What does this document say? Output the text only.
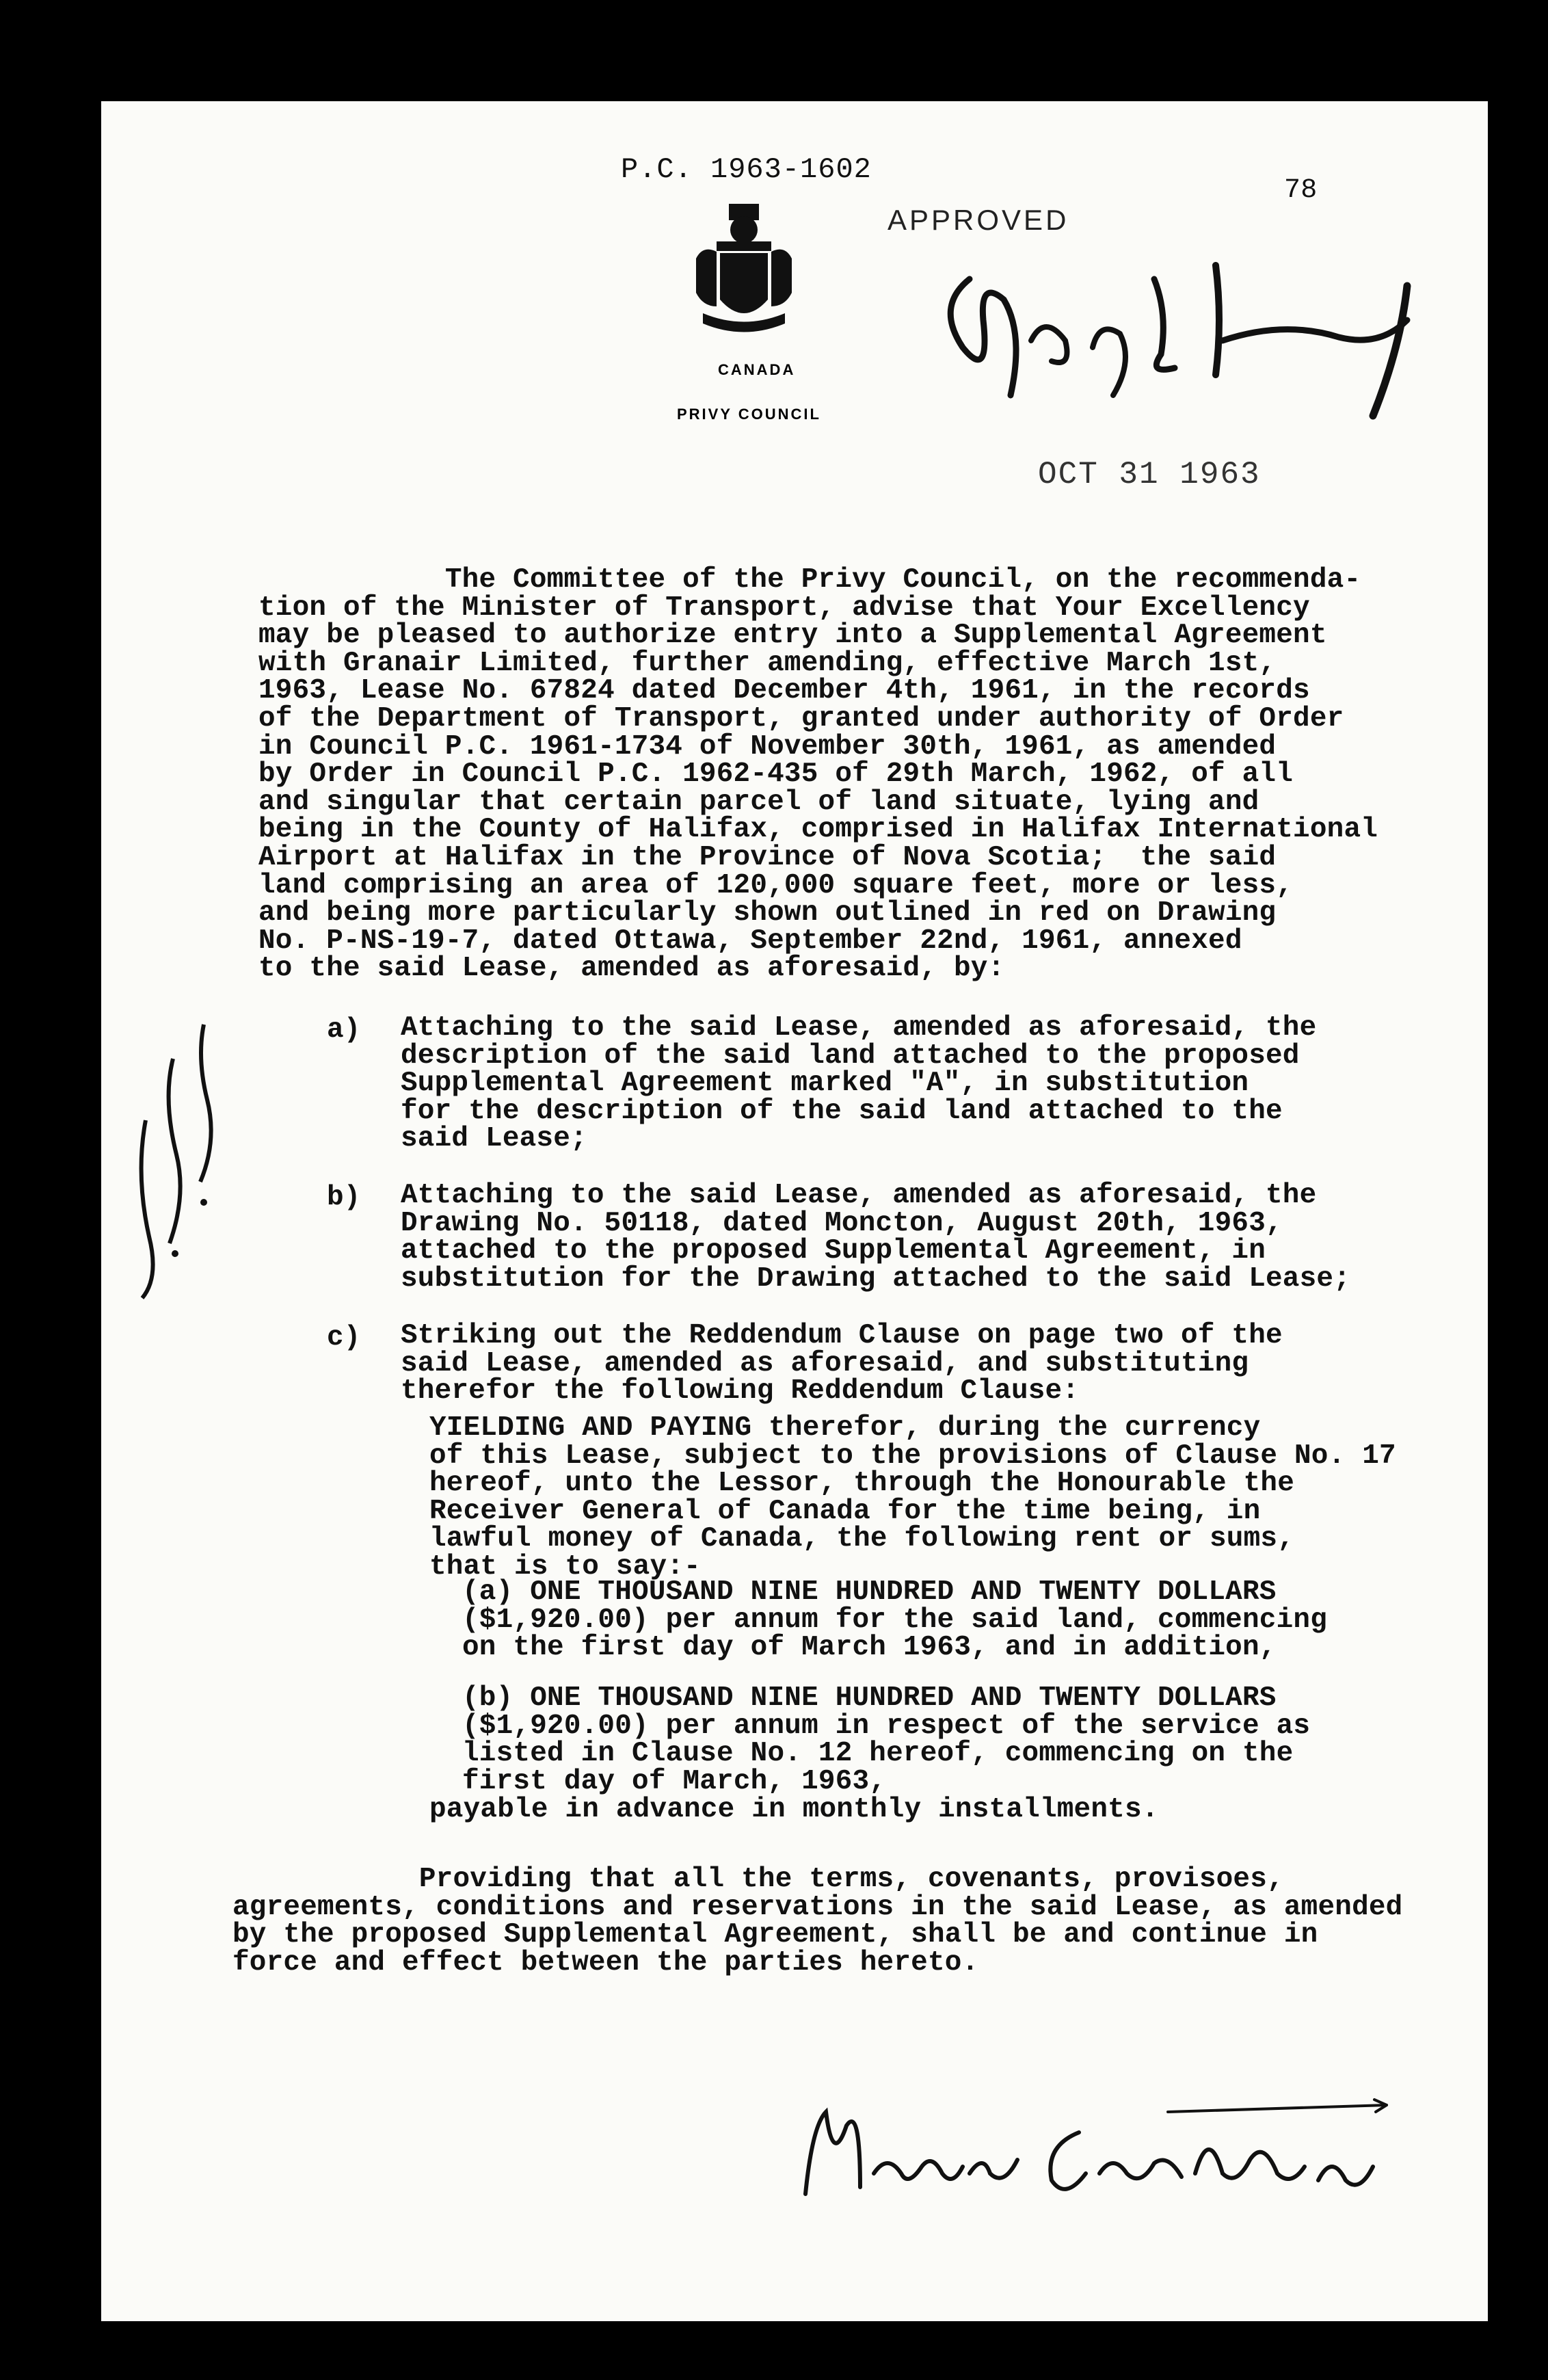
P.C. 1963-1602
78
APPROVED
CANADA
PRIVY COUNCIL
OCT 31 1963
The Committee of the Privy Council, on the recommenda-
tion of the Minister of Transport, advise that Your Excellency
may be pleased to authorize entry into a Supplemental Agreement
with Granair Limited, further amending, effective March 1st,
1963, Lease No. 67824 dated December 4th, 1961, in the records
of the Department of Transport, granted under authority of Order
in Council P.C. 1961-1734 of November 30th, 1961, as amended
by Order in Council P.C. 1962-435 of 29th March, 1962, of all
and singular that certain parcel of land situate, lying and
being in the County of Halifax, comprised in Halifax International
Airport at Halifax in the Province of Nova Scotia;  the said
land comprising an area of 120,000 square feet, more or less,
and being more particularly shown outlined in red on Drawing
No. P-NS-19-7, dated Ottawa, September 22nd, 1961, annexed
to the said Lease, amended as aforesaid, by:
a) Attaching to the said Lease, amended as aforesaid, the
description of the said land attached to the proposed
Supplemental Agreement marked "A", in substitution
for the description of the said land attached to the
said Lease;
b) Attaching to the said Lease, amended as aforesaid, the
Drawing No. 50118, dated Moncton, August 20th, 1963,
attached to the proposed Supplemental Agreement, in
substitution for the Drawing attached to the said Lease;
c) Striking out the Reddendum Clause on page two of the
said Lease, amended as aforesaid, and substituting
therefor the following Reddendum Clause:
YIELDING AND PAYING therefor, during the currency
of this Lease, subject to the provisions of Clause No. 17
hereof, unto the Lessor, through the Honourable the
Receiver General of Canada for the time being, in
lawful money of Canada, the following rent or sums,
that is to say:-
(a) ONE THOUSAND NINE HUNDRED AND TWENTY DOLLARS
($1,920.00) per annum for the said land, commencing
on the first day of March 1963, and in addition,
(b) ONE THOUSAND NINE HUNDRED AND TWENTY DOLLARS
($1,920.00) per annum in respect of the service as
listed in Clause No. 12 hereof, commencing on the
first day of March, 1963,
payable in advance in monthly installments.
Providing that all the terms, covenants, provisoes,
agreements, conditions and reservations in the said Lease, as amended
by the proposed Supplemental Agreement, shall be and continue in
force and effect between the parties hereto.
